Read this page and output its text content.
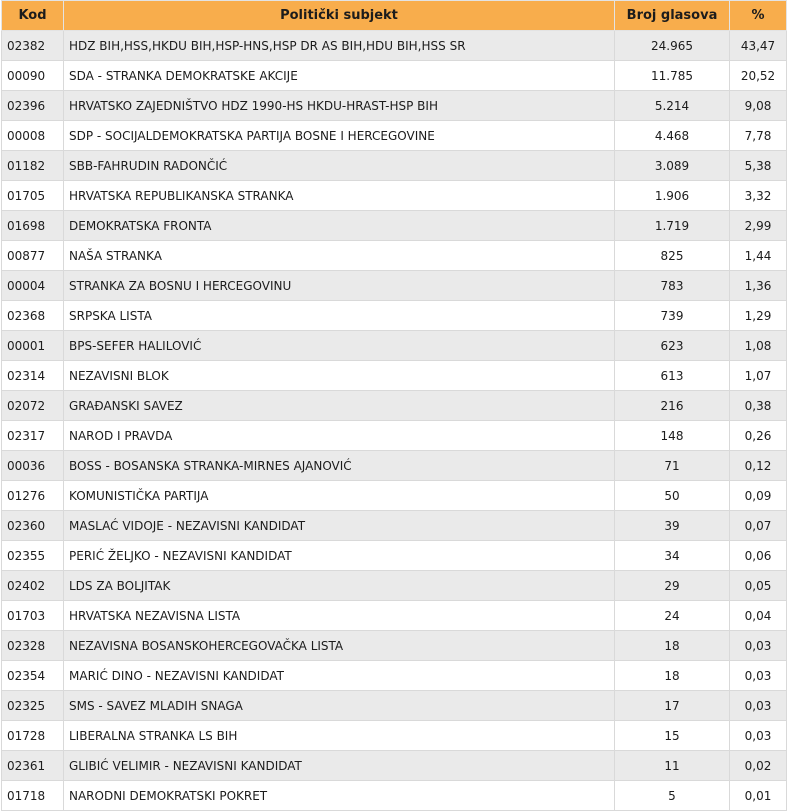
Kod	Politički subjekt	Broj glasova	%
02382	HDZ BIH,HSS,HKDU BIH,HSP-HNS,HSP DR AS BIH,HDU BIH,HSS SR	24.965	43,47
00090	SDA - STRANKA DEMOKRATSKE AKCIJE	11.785	20,52
02396	HRVATSKO ZAJEDNIŠTVO HDZ 1990-HS HKDU-HRAST-HSP BIH	5.214	9,08
00008	SDP - SOCIJALDEMOKRATSKA PARTIJA BOSNE I HERCEGOVINE	4.468	7,78
01182	SBB-FAHRUDIN RADONČIĆ	3.089	5,38
01705	HRVATSKA REPUBLIKANSKA STRANKA	1.906	3,32
01698	DEMOKRATSKA FRONTA	1.719	2,99
00877	NAŠA STRANKA	825	1,44
00004	STRANKA ZA BOSNU I HERCEGOVINU	783	1,36
02368	SRPSKA LISTA	739	1,29
00001	BPS-SEFER HALILOVIĆ	623	1,08
02314	NEZAVISNI BLOK	613	1,07
02072	GRAĐANSKI SAVEZ	216	0,38
02317	NAROD I PRAVDA	148	0,26
00036	BOSS - BOSANSKA STRANKA-MIRNES AJANOVIĆ	71	0,12
01276	KOMUNISTIČKA PARTIJA	50	0,09
02360	MASLAĆ VIDOJE - NEZAVISNI KANDIDAT	39	0,07
02355	PERIĆ ŽELJKO - NEZAVISNI KANDIDAT	34	0,06
02402	LDS ZA BOLJITAK	29	0,05
01703	HRVATSKA NEZAVISNA LISTA	24	0,04
02328	NEZAVISNA BOSANSKOHERCEGOVAČKA LISTA	18	0,03
02354	MARIĆ DINO - NEZAVISNI KANDIDAT	18	0,03
02325	SMS - SAVEZ MLADIH SNAGA	17	0,03
01728	LIBERALNA STRANKA LS BIH	15	0,03
02361	GLIBIĆ VELIMIR - NEZAVISNI KANDIDAT	11	0,02
01718	NARODNI DEMOKRATSKI POKRET	5	0,01
